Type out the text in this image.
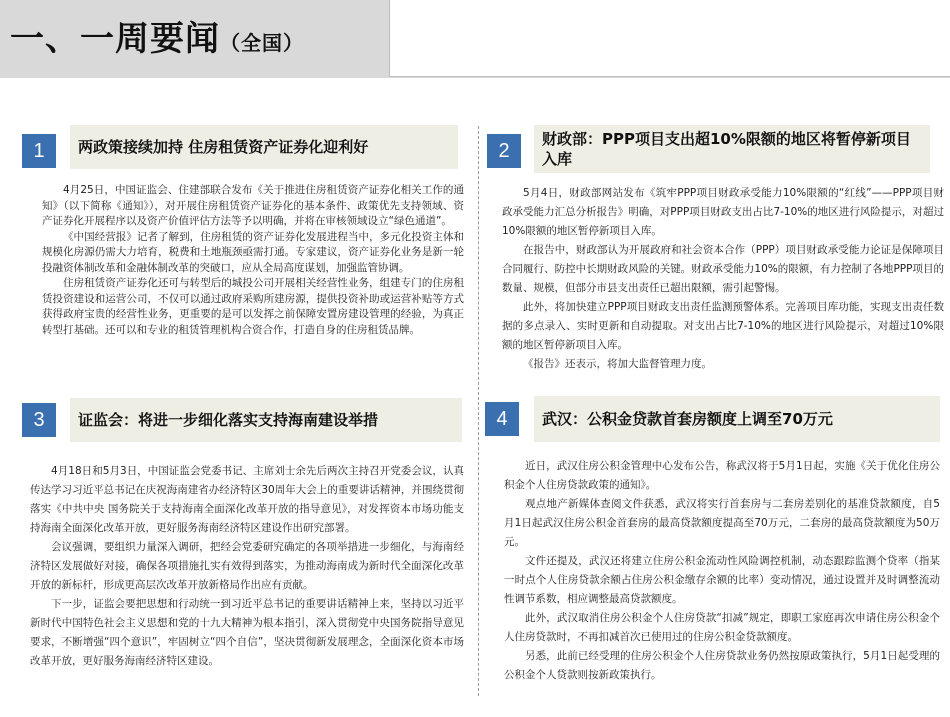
一、一周要闻（全国）
1	两政策接续加持 住房租赁资产证券化迎利好

4月25日，中国证监会、住建部联合发布《关于推进住房租赁资产证券化相关工作的通知》（以下简称《通知》），对开展住房租赁资产证券化的基本条件、政策优先支持领域、资产证券化开展程序以及资产价值评估方法等予以明确，并将在审核领域设立“绿色通道”。

《中国经营报》记者了解到，住房租赁的资产证券化发展进程当中，多元化投资主体和规模化房源仍需大力培育，税费和土地瓶颈亟需打通。专家建议，资产证券化业务是新一轮投融资体制改革和金融体制改革的突破口，应从全局高度谋划，加强监管协调。

住房租赁资产证券化还可与转型后的城投公司开展相关经营性业务，组建专门的住房租赁投资建设和运营公司，不仅可以通过政府采购所建房源，提供投资补助或运营补贴等方式获得政府宝贵的经营性业务，更重要的是可以发挥之前保障安置房建设管理的经验，为真正转型打基础。还可以和专业的租赁管理机构合资合作，打造自身的住房租赁品牌。

2
财政部：PPP项目支出超10%限额的地区将暂停新项目入库

5月4日，财政部网站发布《筑牢PPP项目财政承受能力10%限额的“红线”——PPP项目财政承受能力汇总分析报告》明确，对PPP项目财政支出占比7-10%的地区进行风险提示，对超过10%限额的地区暂停新项目入库。

在报告中，财政部认为开展政府和社会资本合作（PPP）项目财政承受能力论证是保障项目合同履行、防控中长期财政风险的关键。财政承受能力10%的限额，有力控制了各地PPP项目的数量、规模，但部分市县支出责任已超出限额，需引起警惕。

此外，将加快建立PPP项目财政支出责任监测预警体系。完善项目库功能，实现支出责任数据的多点录入、实时更新和自动提取。对支出占比7-10%的地区进行风险提示，对超过10%限额的地区暂停新项目入库。

《报告》还表示，将加大监督管理力度。

3	证监会：将进一步细化落实支持海南建设举措

4月18日和5月3日，中国证监会党委书记、主席刘士余先后两次主持召开党委会议，认真传达学习习近平总书记在庆祝海南建省办经济特区30周年大会上的重要讲话精神，并围绕贯彻落实《中共中央 国务院关于支持海南全面深化改革开放的指导意见》，对发挥资本市场功能支持海南全面深化改革开放，更好服务海南经济特区建设作出研究部署。

会议强调，要组织力量深入调研，把经会党委研究确定的各项举措进一步细化，与海南经济特区发展做好对接，确保各项措施扎实有效得到落实，为推动海南成为新时代全面深化改革开放的新标杆，形成更高层次改革开放新格局作出应有贡献。

下一步，证监会要把思想和行动统一到习近平总书记的重要讲话精神上来，坚持以习近平新时代中国特色社会主义思想和党的十九大精神为根本指引，深入贯彻党中央国务院指导意见要求，不断增强“四个意识”，牢固树立“四个自信”，坚决贯彻新发展理念，全面深化资本市场改革开放，更好服务海南经济特区建设。

4	武汉：公积金贷款首套房额度上调至70万元

近日，武汉住房公积金管理中心发布公告，称武汉将于5月1日起，实施《关于优化住房公积金个人住房贷款政策的通知》。

观点地产新媒体查阅文件获悉，武汉将实行首套房与二套房差别化的基准贷款额度，自5月1日起武汉住房公积金首套房的最高贷款额度提高至70万元，二套房的最高贷款额度为50万元。

文件还提及，武汉还将建立住房公积金流动性风险调控机制，动态跟踪监测个贷率（指某一时点个人住房贷款余额占住房公积金缴存余额的比率）变动情况，通过设置并及时调整流动性调节系数，相应调整最高贷款额度。

此外，武汉取消住房公积金个人住房贷款“扣减”规定，即职工家庭再次申请住房公积金个人住房贷款时，不再扣减首次已使用过的住房公积金贷款额度。

另悉，此前已经受理的住房公积金个人住房贷款业务仍然按原政策执行，5月1日起受理的公积金个人贷款则按新政策执行。
